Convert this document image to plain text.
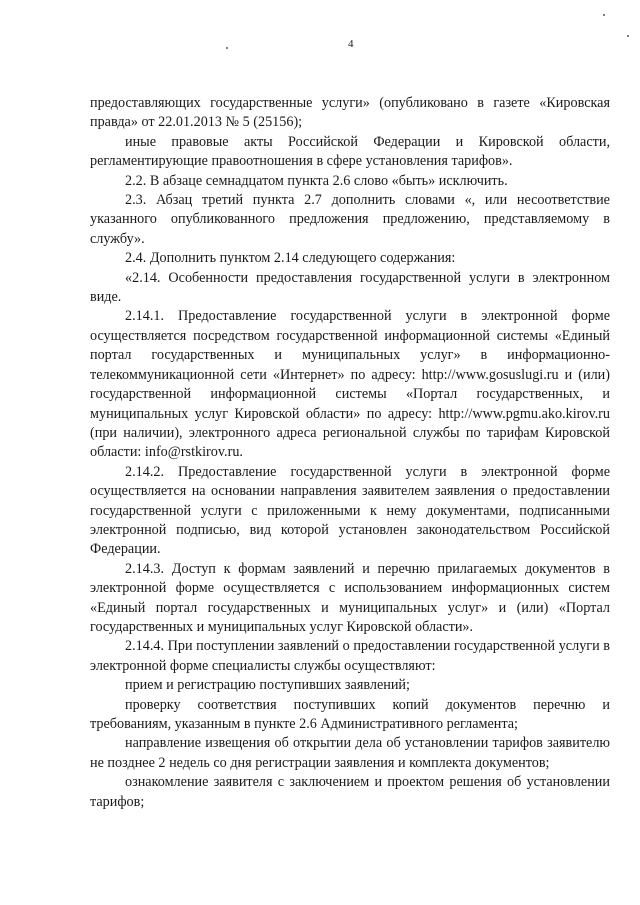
4

предоставляющих государственные услуги» (опубликовано в газете «Кировская правда» от 22.01.2013 № 5 (25156);

иные правовые акты Российской Федерации и Кировской области, регламентирующие правоотношения в сфере установления тарифов».

2.2. В абзаце семнадцатом пункта 2.6 слово «быть» исключить.

2.3. Абзац третий пункта 2.7 дополнить словами «, или несоответствие указанного опубликованного предложения предложению, представляемому в службу».

2.4. Дополнить пунктом 2.14 следующего содержания:

«2.14. Особенности предоставления государственной услуги в электронном виде.

2.14.1. Предоставление государственной услуги в электронной форме осуществляется посредством государственной информационной системы «Единый портал государственных и муниципальных услуг» в информационно-телекоммуникационной сети «Интернет» по адресу: http://www.gosuslugi.ru и (или) государственной информационной системы «Портал государственных, и муниципальных услуг Кировской области» по адресу: http://www.pgmu.ako.kirov.ru (при наличии), электронного адреса региональной службы по тарифам Кировской области: info@rstkirov.ru.

2.14.2. Предоставление государственной услуги в электронной форме осуществляется на основании направления заявителем заявления о предоставлении государственной услуги с приложенными к нему документами, подписанными электронной подписью, вид которой установлен законодательством Российской Федерации.

2.14.3. Доступ к формам заявлений и перечню прилагаемых документов в электронной форме осуществляется с использованием информационных систем «Единый портал государственных и муниципальных услуг» и (или) «Портал государственных и муниципальных услуг Кировской области».

2.14.4. При поступлении заявлений о предоставлении государственной услуги в электронной форме специалисты службы осуществляют:

прием и регистрацию поступивших заявлений;

проверку соответствия поступивших копий документов перечню и требованиям, указанным в пункте 2.6 Административного регламента;

направление извещения об открытии дела об установлении тарифов заявителю не позднее 2 недель со дня регистрации заявления и комплекта документов;

ознакомление заявителя с заключением и проектом решения об установлении тарифов;
